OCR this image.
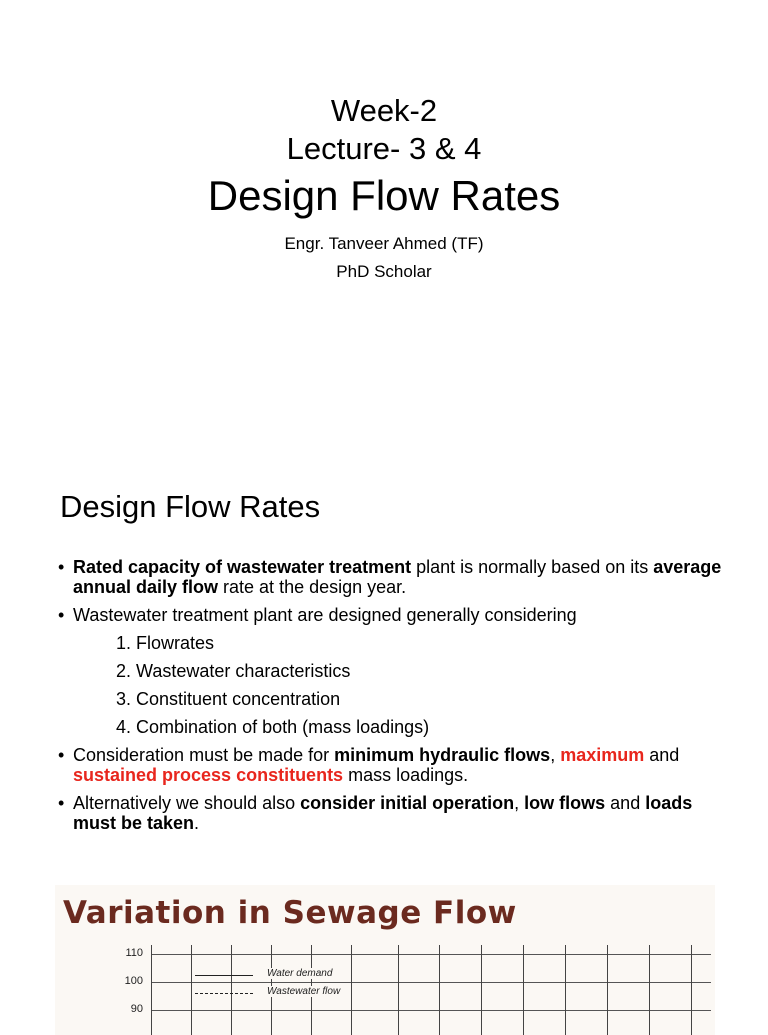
Week-2
Lecture- 3 & 4
Design Flow Rates
Engr. Tanveer Ahmed (TF)
PhD Scholar
Design Flow Rates
• Rated capacity of wastewater treatment plant is normally based on its average annual daily flow rate at the design year.
• Wastewater treatment plant are designed generally considering
1. Flowrates
2. Wastewater characteristics
3. Constituent concentration
4. Combination of both (mass loadings)
• Consideration must be made for minimum hydraulic flows, maximum and sustained process constituents mass loadings.
• Alternatively we should also consider initial operation, low flows and loads must be taken.
Variation in Sewage Flow
110
100
90
Water demand
Wastewater flow
